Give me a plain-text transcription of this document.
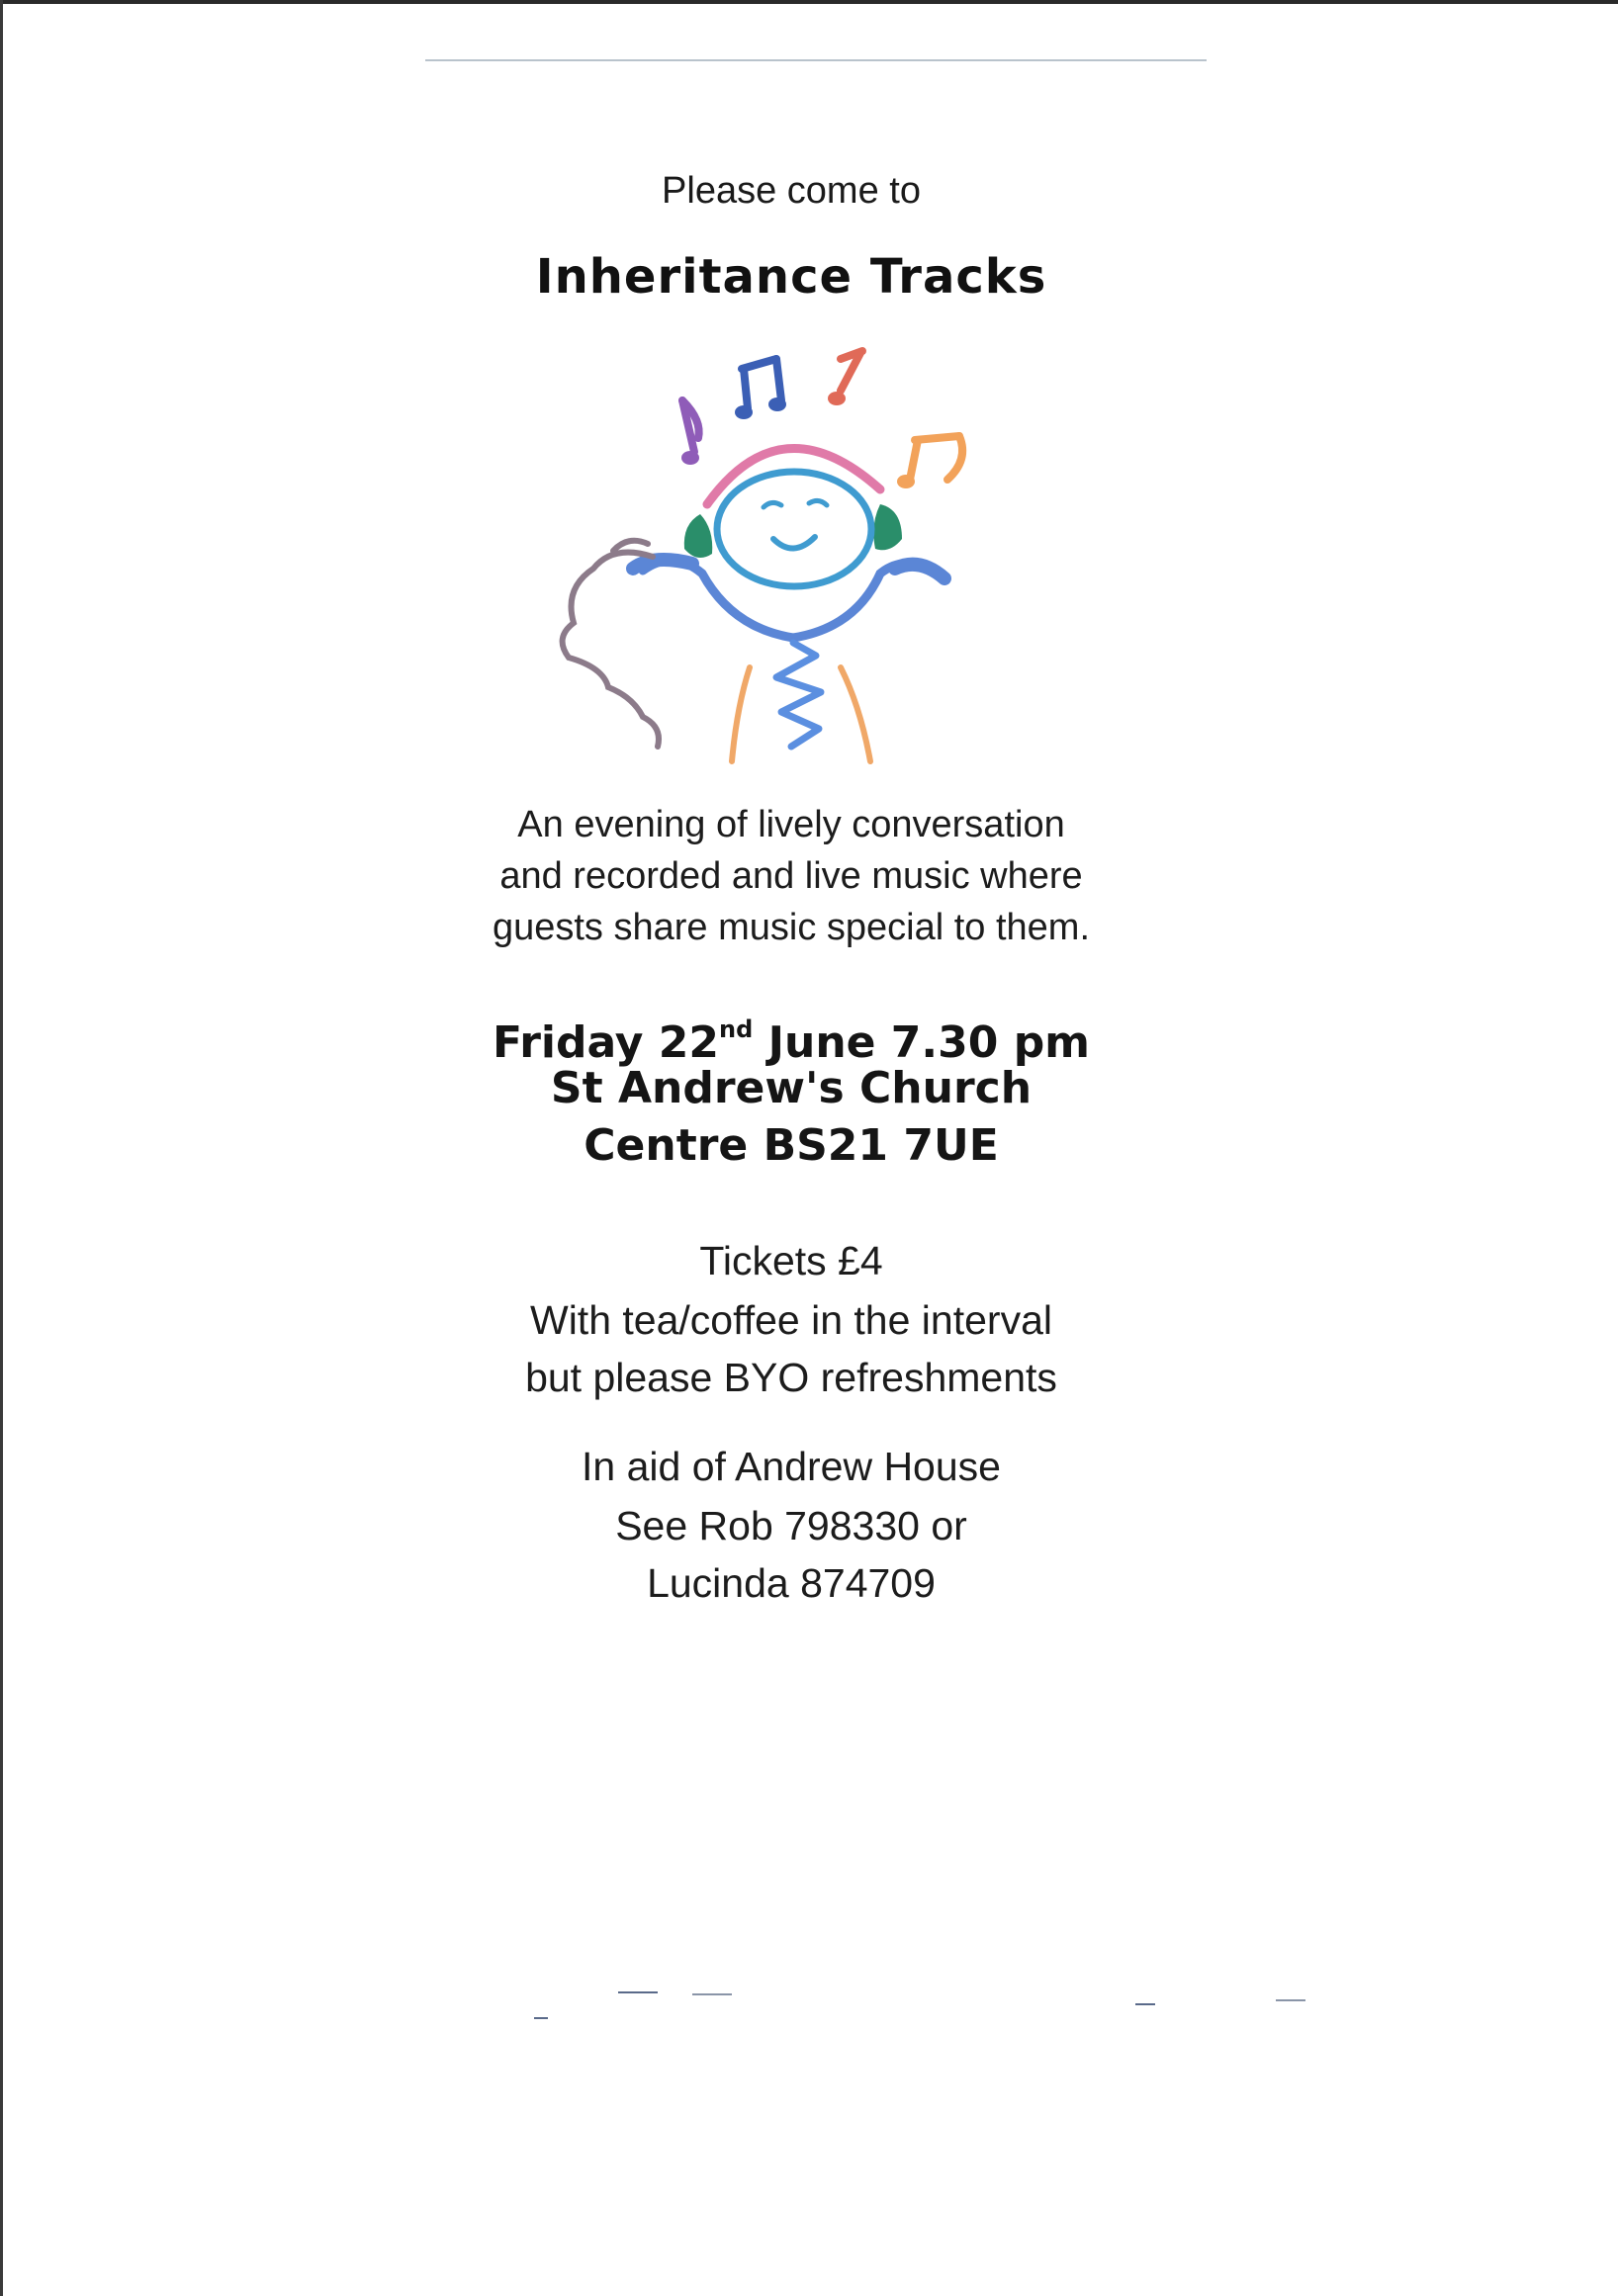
Please come to
Inheritance Tracks
An evening of lively conversation
and recorded and live music where
guests share music special to them.
Friday 22nd June 7.30 pm
St Andrew's Church
Centre BS21 7UE
Tickets £4
With tea/coffee in the interval
but please BYO refreshments
In aid of Andrew House
See Rob 798330 or
Lucinda 874709
